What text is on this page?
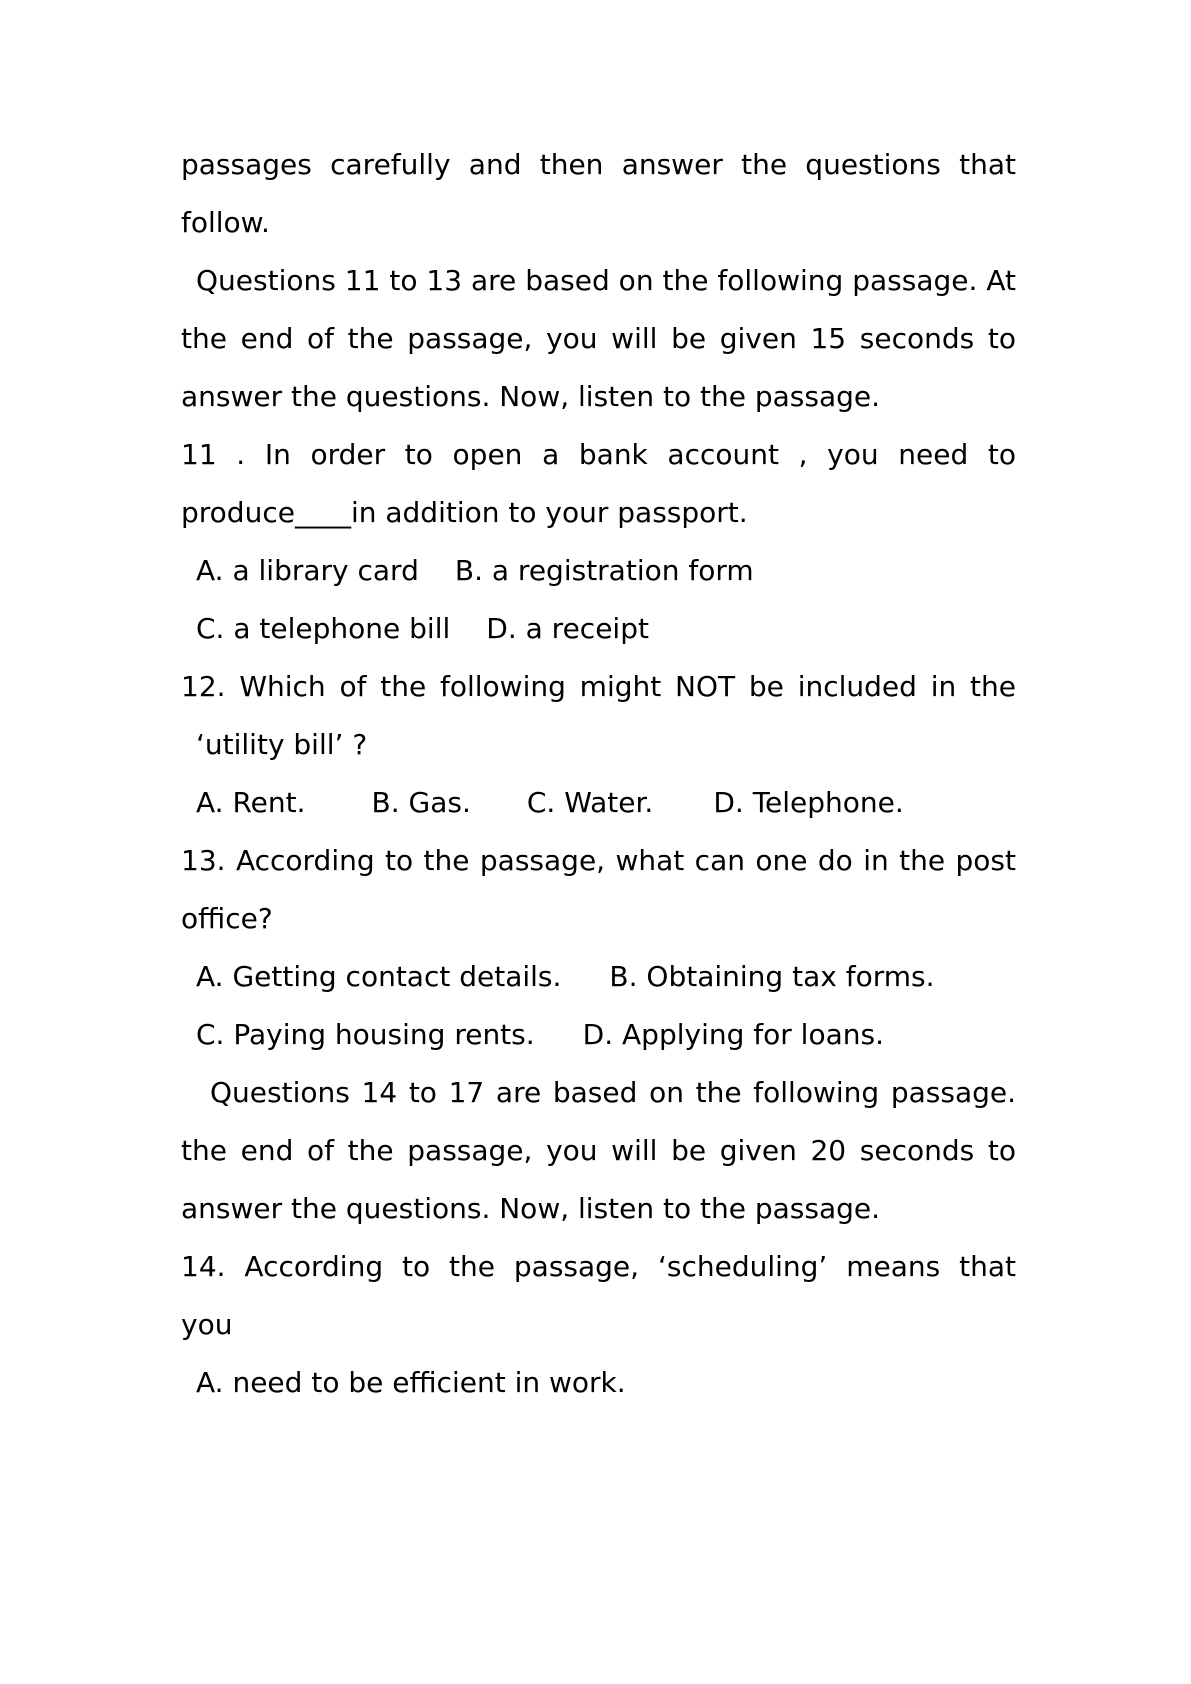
passages carefully and then answer the questions that
follow.
Questions 11 to 13 are based on the following passage. At
the end of the passage, you will be given 15 seconds to
answer the questions. Now, listen to the passage.
11 . In order to open a bank account , you need to
produce____in addition to your passport.
A. a library card B. a registration form
C. a telephone bill D. a receipt
12. Which of the following might NOT be included in the
‘utility bill’ ?
A. Rent. B. Gas. C. Water. D. Telephone.
13. According to the passage, what can one do in the post
office?
A. Getting contact details. B. Obtaining tax forms.
C. Paying housing rents. D. Applying for loans.
Questions 14 to 17 are based on the following passage.
the end of the passage, you will be given 20 seconds to
answer the questions. Now, listen to the passage.
14. According to the passage, ‘scheduling’ means that
you
A. need to be efficient in work.
